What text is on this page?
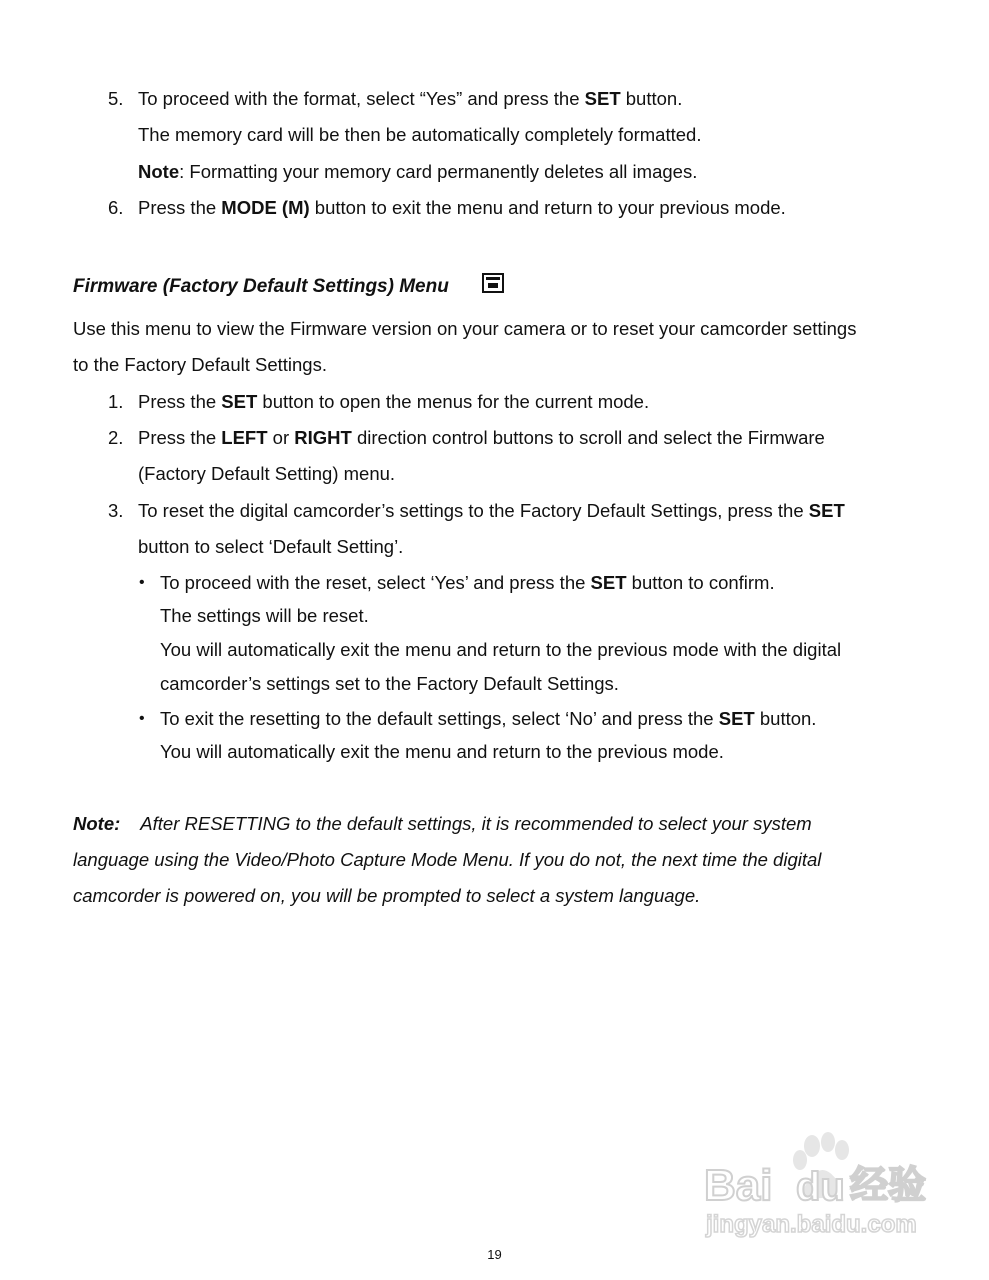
5. To proceed with the format, select “Yes” and press the SET button.
The memory card will be then be automatically completely formatted.
Note: Formatting your memory card permanently deletes all images.
6. Press the MODE (M) button to exit the menu and return to your previous mode.
Firmware (Factory Default Settings) Menu
Use this menu to view the Firmware version on your camera or to reset your camcorder settings
to the Factory Default Settings.
1. Press the SET button to open the menus for the current mode.
2. Press the LEFT or RIGHT direction control buttons to scroll and select the Firmware
(Factory Default Setting) menu.
3. To reset the digital camcorder’s settings to the Factory Default Settings, press the SET
button to select ‘Default Setting’.
• To proceed with the reset, select ‘Yes’ and press the SET button to confirm.
The settings will be reset.
You will automatically exit the menu and return to the previous mode with the digital
camcorder’s settings set to the Factory Default Settings.
• To exit the resetting to the default settings, select ‘No’ and press the SET button.
You will automatically exit the menu and return to the previous mode.
Note: After RESETTING to the default settings, it is recommended to select your system
language using the Video/Photo Capture Mode Menu. If you do not, the next time the digital
camcorder is powered on, you will be prompted to select a system language.
Bai du 经验
jingyan.baidu.com
19
